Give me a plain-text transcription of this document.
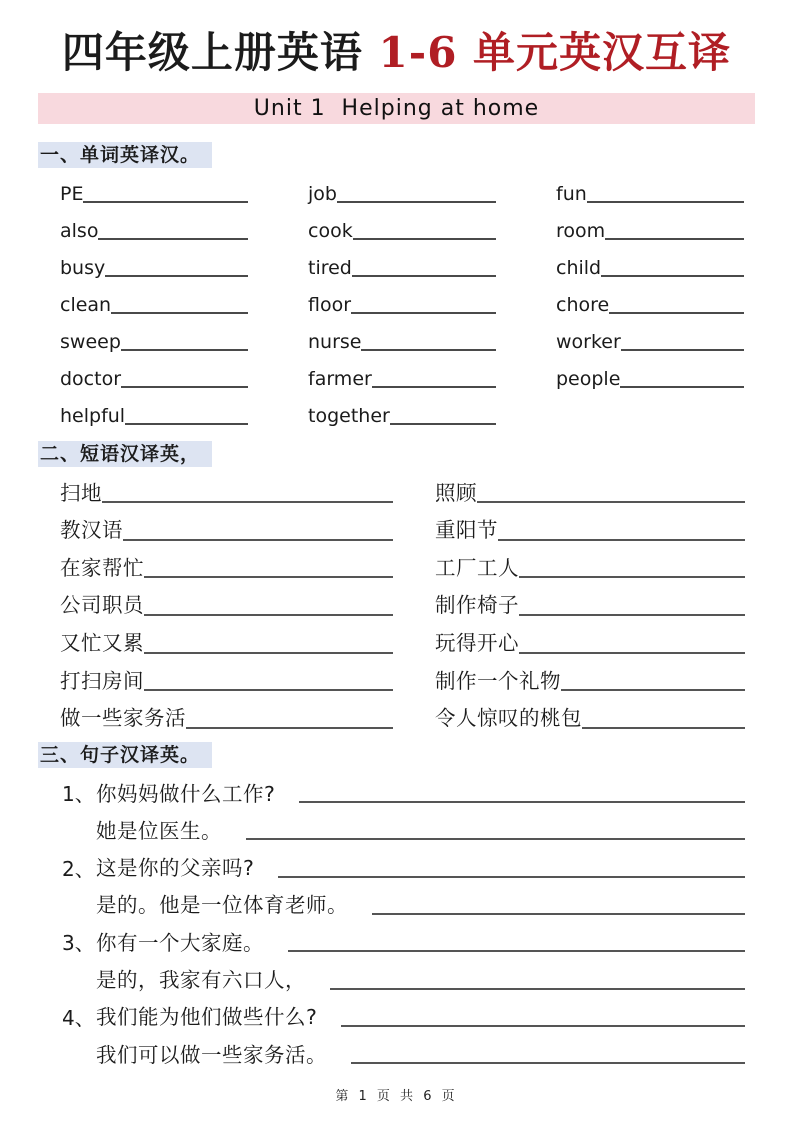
四年级上册英语 1-6 单元英汉互译
Unit 1  Helping at home
一、单词英译汉。
PE	job	fun
also	cook	room
busy	tired	child
clean	floor	chore
sweep	nurse	worker
doctor	farmer	people
helpful	together
二、短语汉译英，
扫地	照顾
教汉语	重阳节
在家帮忙	工厂工人
公司职员	制作椅子
又忙又累	玩得开心
打扫房间	制作一个礼物
做一些家务活	令人惊叹的桃包
三、句子汉译英。
1、 你妈妈做什么工作?
她是位医生。
2、 这是你的父亲吗?
是的。他是一位体育老师。
3、 你有一个大家庭。
是的，我家有六口人，
4、 我们能为他们做些什么?
我们可以做一些家务活。
第 1 页 共 6 页
